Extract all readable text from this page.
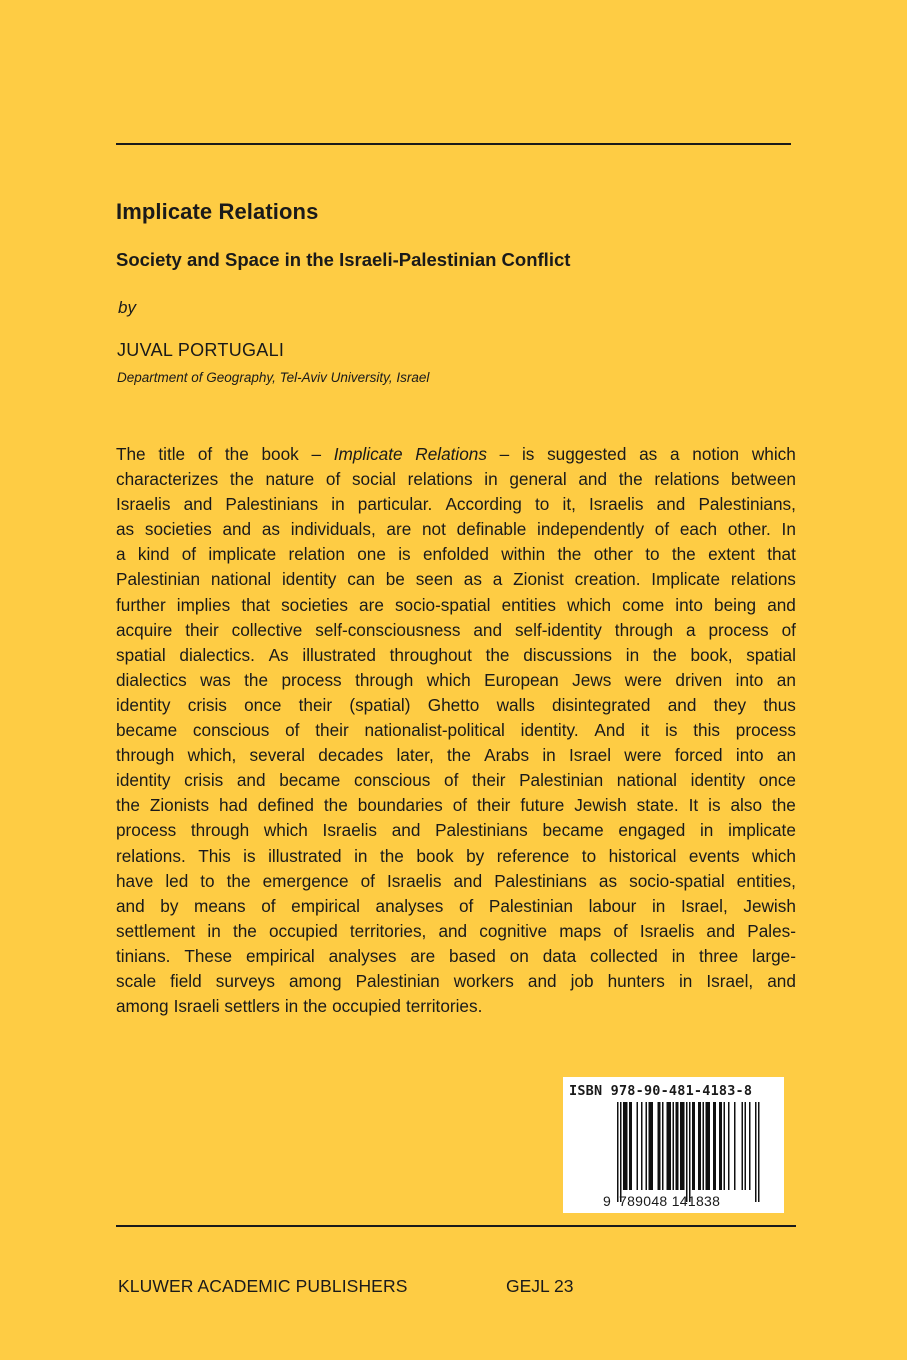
Implicate Relations
Society and Space in the Israeli-Palestinian Conflict
by
JUVAL PORTUGALI
Department of Geography, Tel-Aviv University, Israel
The title of the book – Implicate Relations – is suggested as a notion which
characterizes the nature of social relations in general and the relations between
Israelis and Palestinians in particular. According to it, Israelis and Palestinians,
as societies and as individuals, are not definable independently of each other. In
a kind of implicate relation one is enfolded within the other to the extent that
Palestinian national identity can be seen as a Zionist creation. Implicate relations
further implies that societies are socio-spatial entities which come into being and
acquire their collective self-consciousness and self-identity through a process of
spatial dialectics. As illustrated throughout the discussions in the book, spatial
dialectics was the process through which European Jews were driven into an
identity crisis once their (spatial) Ghetto walls disintegrated and they thus
became conscious of their nationalist-political identity. And it is this process
through which, several decades later, the Arabs in Israel were forced into an
identity crisis and became conscious of their Palestinian national identity once
the Zionists had defined the boundaries of their future Jewish state. It is also the
process through which Israelis and Palestinians became engaged in implicate
relations. This is illustrated in the book by reference to historical events which
have led to the emergence of Israelis and Palestinians as socio-spatial entities,
and by means of empirical analyses of Palestinian labour in Israel, Jewish
settlement in the occupied territories, and cognitive maps of Israelis and Pales-
tinians. These empirical analyses are based on data collected in three large-
scale field surveys among Palestinian workers and job hunters in Israel, and
among Israeli settlers in the occupied territories.
ISBN 978-90-481-4183-8
9 789048 141838
KLUWER ACADEMIC PUBLISHERS	GEJL 23
